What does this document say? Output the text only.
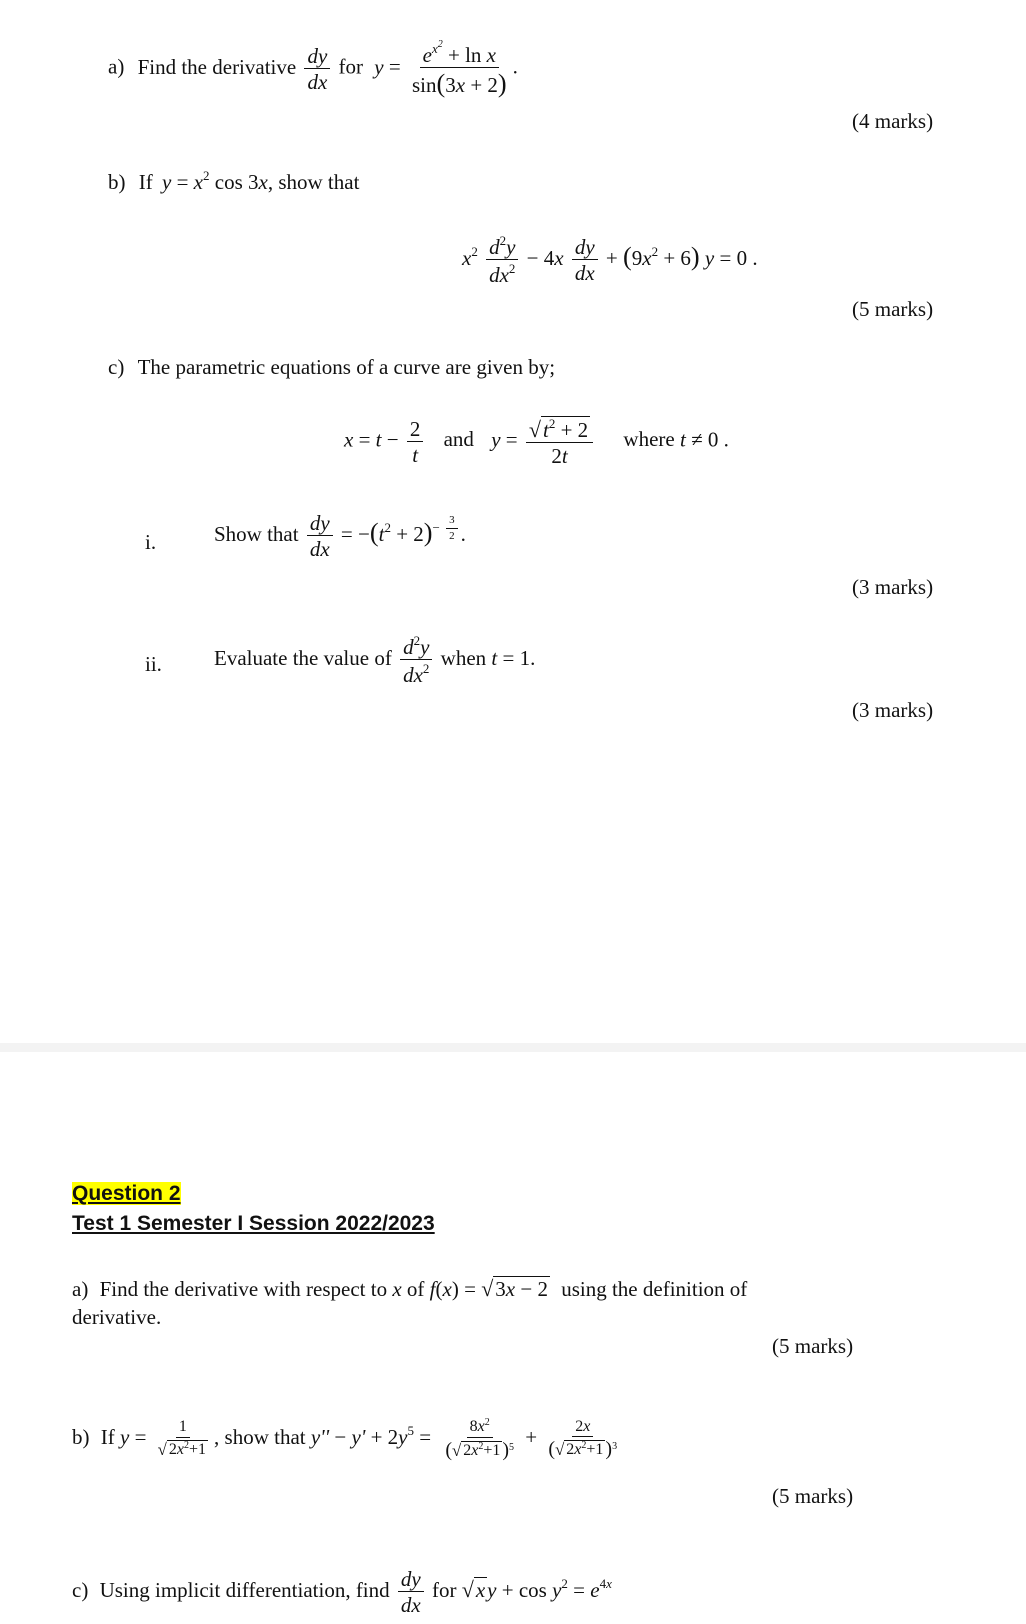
a) Find the derivative $\frac{dy}{dx}$ for $y = \frac{e^{x^2} + \ln x}{\sin(3x + 2)}$ .
(4 marks)
b) If $y = x^2$ cos 3x, show that
$x^2 \frac{d^2y}{dx^2} - 4x \frac{dy}{dx} + (9x^2 + 6) y = 0$ .
(5 marks)
c) The parametric equations of a curve are given by;
$x = t - \frac{2}{t}$ and $y = \frac{√ t^2 + 2}{2t}$ where t ≠ 0 .
i.	Show that $\frac{dy}{dx} = -(t^2 + 2)^{- \frac{3}{2}}$ .
(3 marks)
ii. Evaluate the value of $\frac{d^2y}{dx^2}$ when t = 1.
(3 marks)
Question 2
Test 1 Semester I Session 2022/2023
a) Find the derivative with respect to x of f(x) = √ 3x − 2 using the definition of
derivative.
(5 marks)
b) If $y = \frac{1}{√ 2x^2+1}$ , show that $y'' - y' + 2y^5 = \frac{8x^2}{( √ 2x^2+1 )^5} + \frac{2x}{( √ 2x^2+1 )^3}$
(5 marks)
c) Using implicit differentiation, find $\frac{dy}{dx}$ for √ x $y + \cos y^2 = e^{4x}$
